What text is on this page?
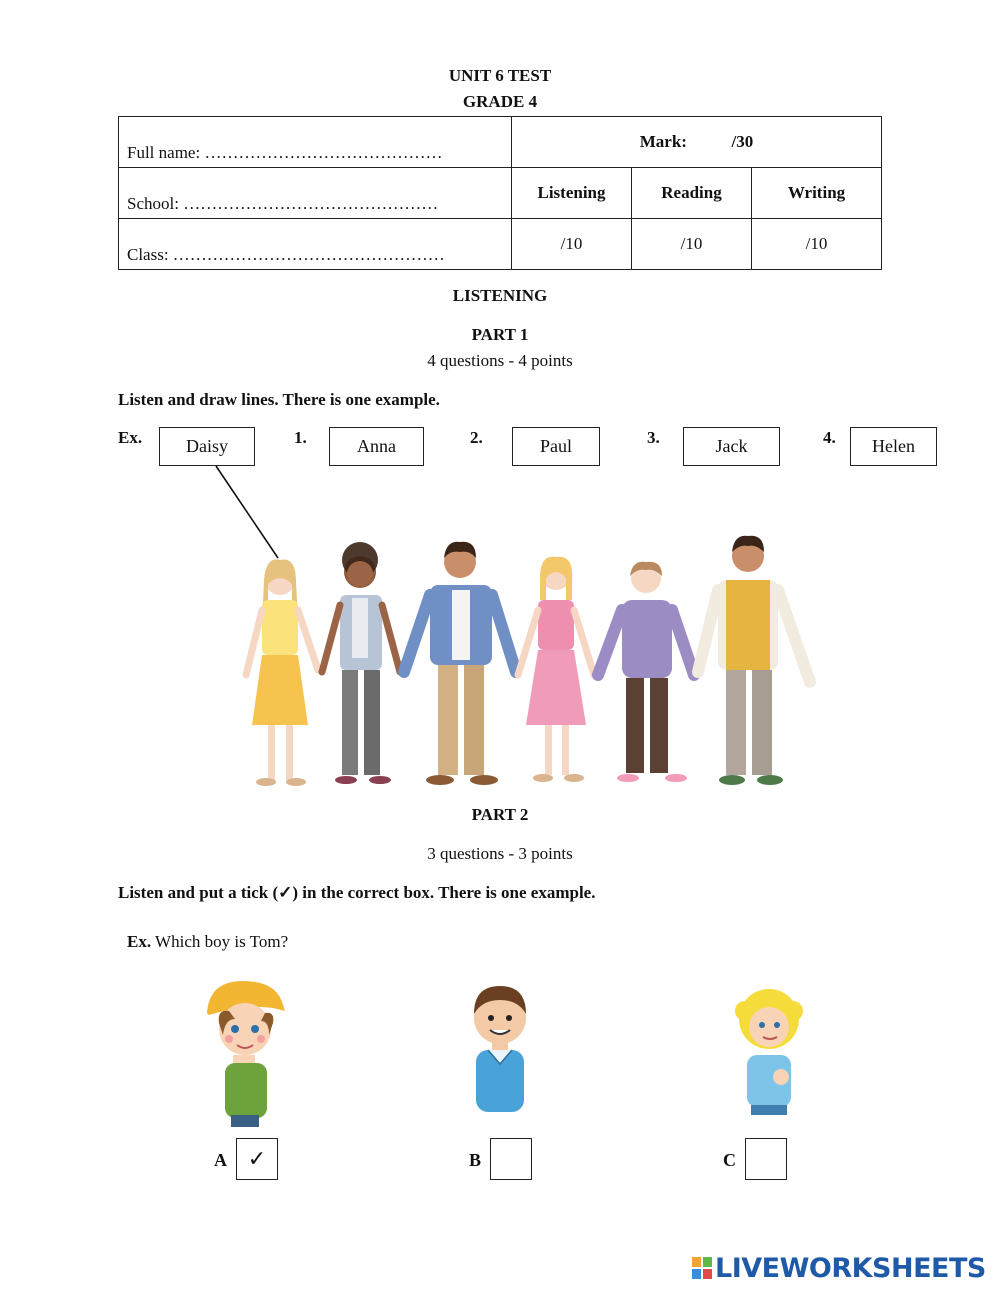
UNIT 6 TEST
GRADE 4
Full name: ……………………………………	Mark: /30		
School: ………………………………………	Listening	Reading	Writing
Class: …………………………………………	/10	/10	/10
LISTENING
PART 1
4 questions - 4 points
Listen and draw lines. There is one example.
Ex.	Daisy	1.	Anna	2.	Paul	3.	Jack	4.	Helen
PART 2
3 questions - 3 points
Listen and put a tick (✓) in the correct box. There is one example.
Ex. Which boy is Tom?
A ✓	B	C
LIVEWORKSHEETS
